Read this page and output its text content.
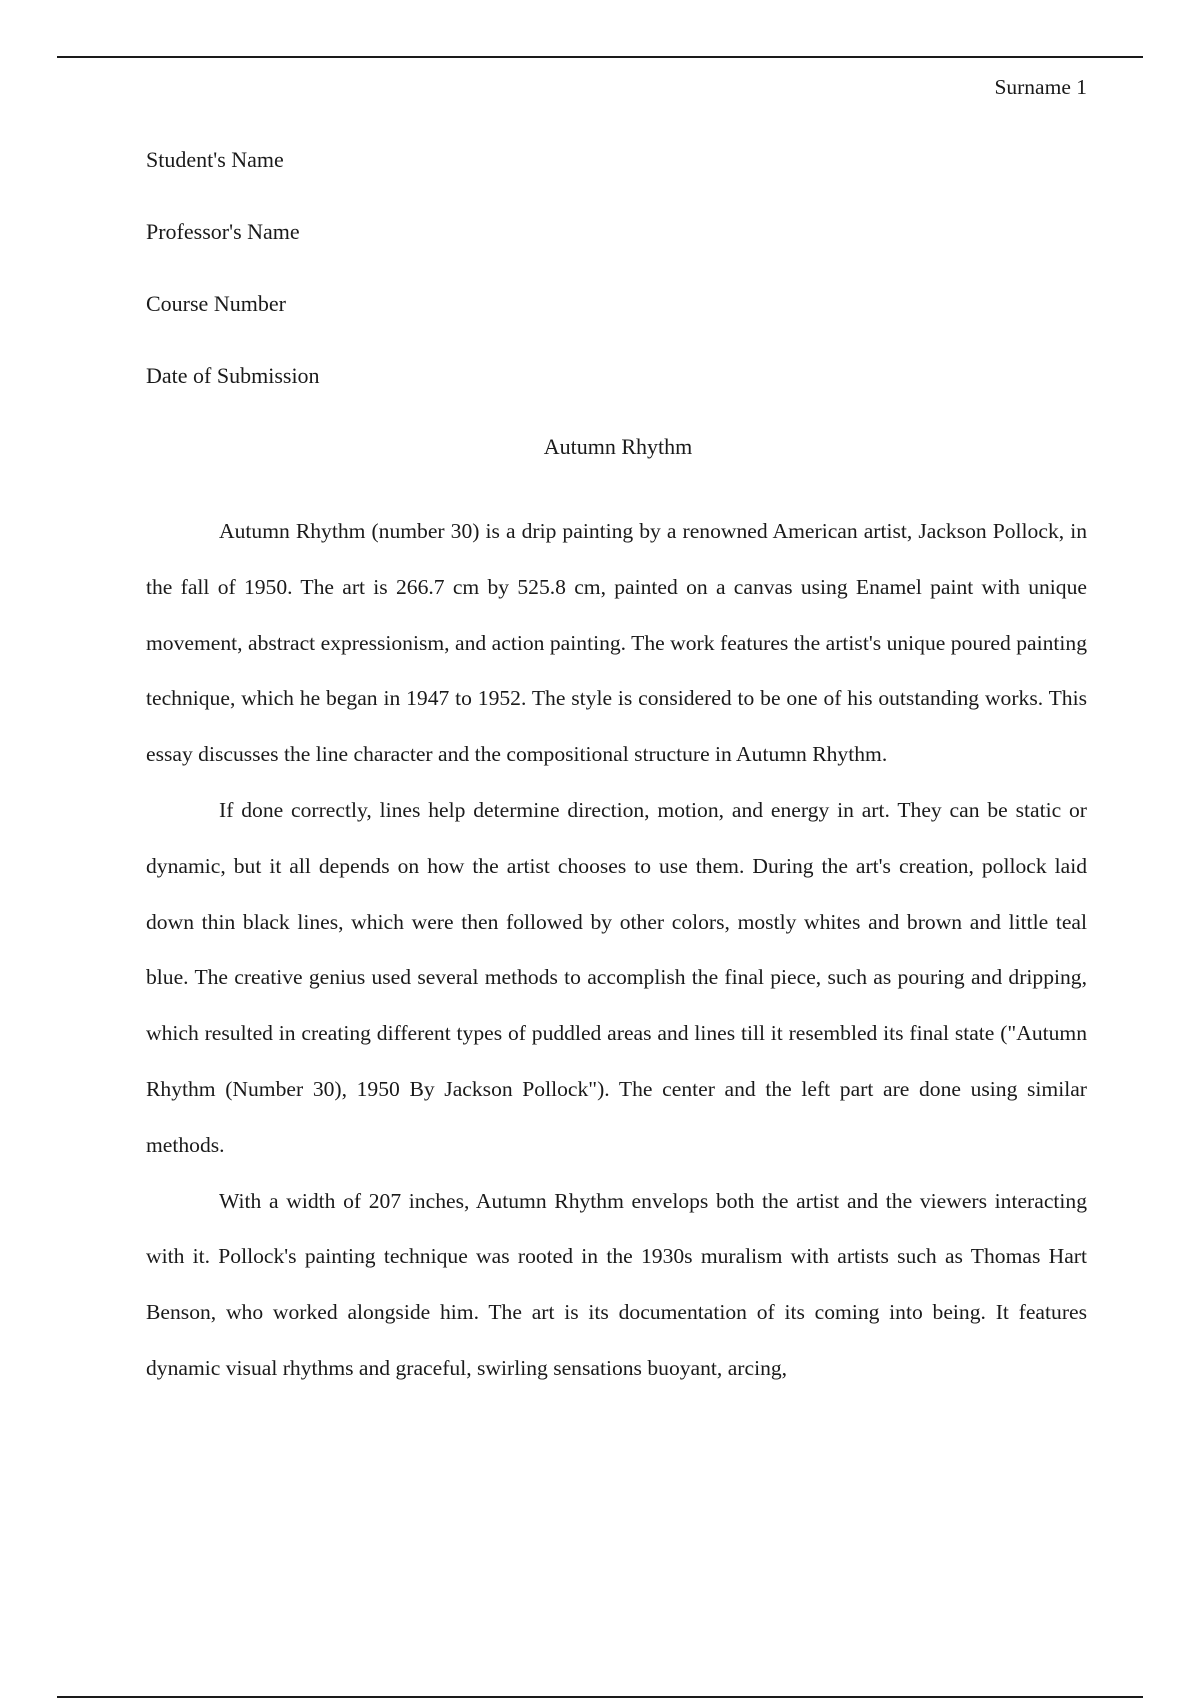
Surname 1
Student's Name
Professor's Name
Course Number
Date of Submission
Autumn Rhythm

Autumn Rhythm (number 30) is a drip painting by a renowned American artist, Jackson Pollock, in the fall of 1950. The art is 266.7 cm by 525.8 cm, painted on a canvas using Enamel paint with unique movement, abstract expressionism, and action painting. The work features the artist's unique poured painting technique, which he began in 1947 to 1952. The style is considered to be one of his outstanding works. This essay discusses the line character and the compositional structure in Autumn Rhythm.

If done correctly, lines help determine direction, motion, and energy in art. They can be static or dynamic, but it all depends on how the artist chooses to use them. During the art's creation, pollock laid down thin black lines, which were then followed by other colors, mostly whites and brown and little teal blue. The creative genius used several methods to accomplish the final piece, such as pouring and dripping, which resulted in creating different types of puddled areas and lines till it resembled its final state ("Autumn Rhythm (Number 30), 1950 By Jackson Pollock"). The center and the left part are done using similar methods.

With a width of 207 inches, Autumn Rhythm envelops both the artist and the viewers interacting with it. Pollock's painting technique was rooted in the 1930s muralism with artists such as Thomas Hart Benson, who worked alongside him. The art is its documentation of its coming into being. It features dynamic visual rhythms and graceful, swirling sensations buoyant, arcing,
